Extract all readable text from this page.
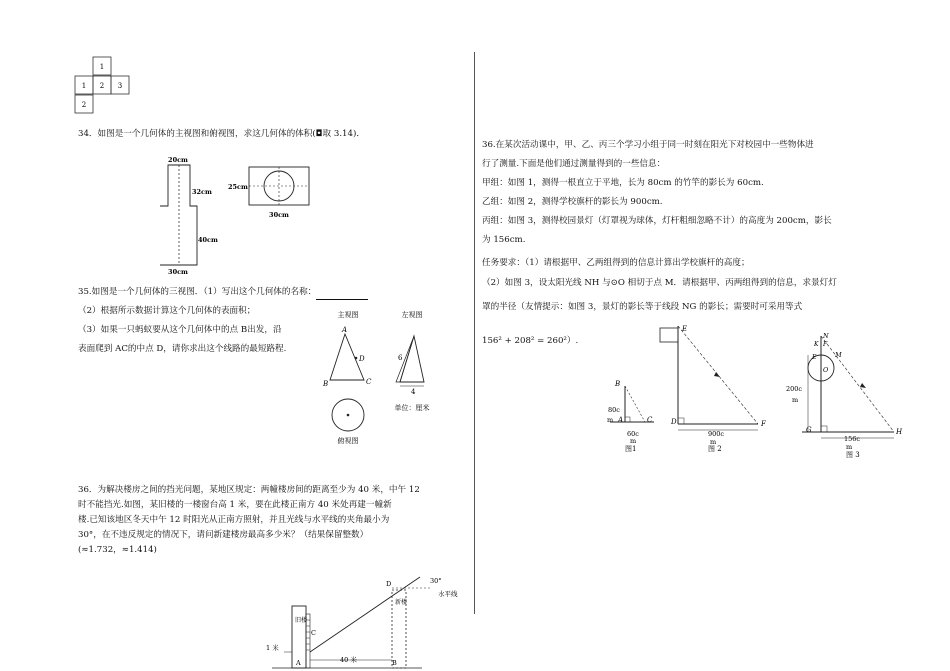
1
1 2 3
2
34．如图是一个几何体的主视图和俯视图，求这几何体的体积(◘取 3.14)．
20cm
32cm
40cm
30cm
25cm
30cm
35.如图是一个几何体的三视图．（1）写出这个几何体的名称：
（2）根据所示数据计算这个几何体的表面积；
（3）如果一只蚂蚁要从这个几何体中的点 B出发，沿
表面爬到 AC的中点 D，请你求出这个线路的最短路程.
主视图	左视图
A
B	C
D	6
4
俯视图
单位：厘米
36．为解决楼房之间的挡光问题，某地区规定：两幢楼房间的距离至少为 40 米，中午 12
时不能挡光.如图，某旧楼的一楼窗台高 1 米，要在此楼正南方 40 米处再建一幢新
楼.已知该地区冬天中午 12 时阳光从正南方照射，并且光线与水平线的夹角最小为
30°，在不违反规定的情况下，请问新建楼房最高多少米？（结果保留整数）
(≈1.732，≈1.414)
旧楼
C
新楼
30°
水平线
D
1 米
A	40 米	B
36.在某次活动课中，甲、乙、丙三个学习小组于同一时刻在阳光下对校园中一些物体进
行了测量.下面是他们通过测量得到的一些信息：
甲组：如图 1，测得一根直立于平地，长为 80cm 的竹竿的影长为 60cm.
乙组：如图 2，测得学校旗杆的影长为 900cm.
丙组：如图 3，测得校园景灯（灯罩视为球体，灯杆粗细忽略不计）的高度为 200cm，影长
为 156cm.
任务要求：（1）请根据甲、乙两组得到的信息计算出学校旗杆的高度；
（2）如图 3，设太阳光线 NH 与⊙O 相切于点 M．请根据甲、丙两组得到的信息，求景灯灯
罩的半径（友情提示：如图 3，景灯的影长等于线段 NG 的影长；需要时可采用等式
156² + 208² = 260²）.
B
A	C
80c
m
60c
m
图1
E
D	F
900c
m
图 2
N
K F
M
E
O
G	H
200c
m
156c
m
图 3
